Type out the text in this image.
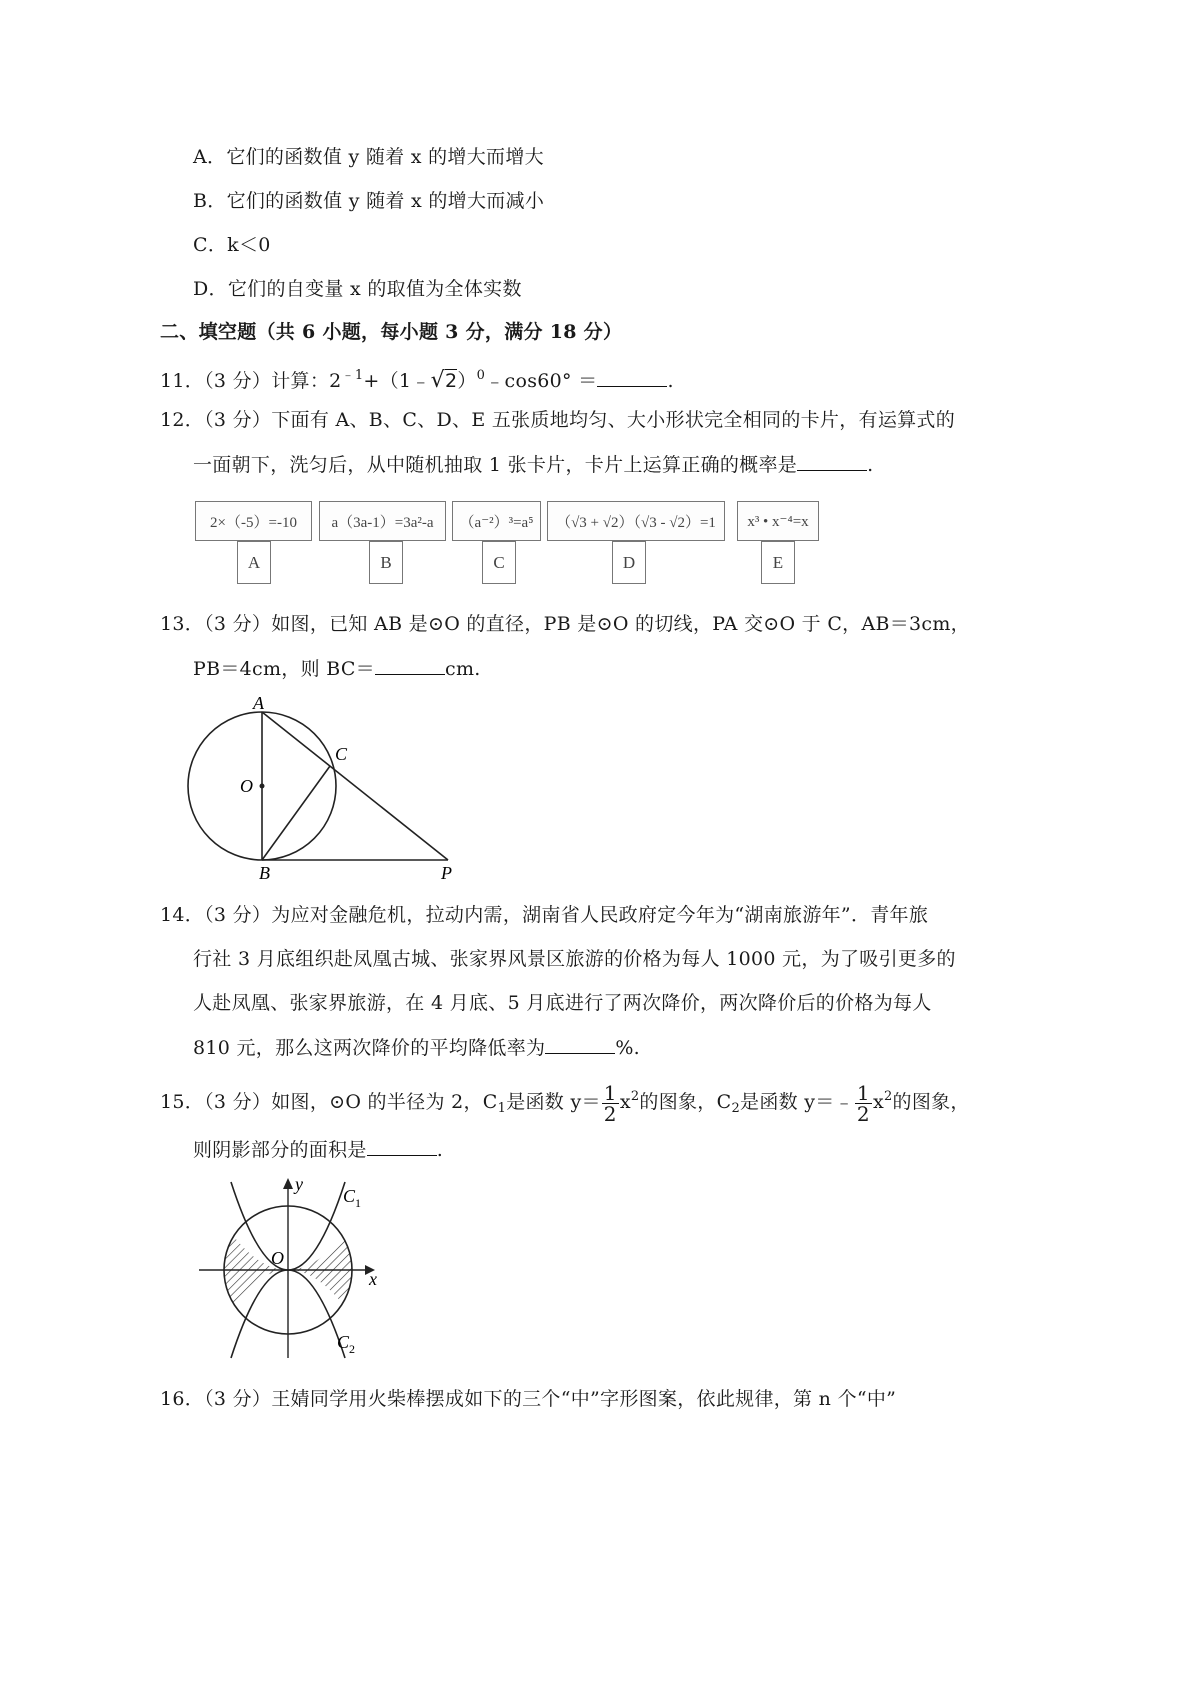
A．它们的函数值 y 随着 x 的增大而增大
B．它们的函数值 y 随着 x 的增大而减小
C．k＜0
D．它们的自变量 x 的取值为全体实数
二、填空题（共 6 小题，每小题 3 分，满分 18 分）
11．（3 分）计算：$2^{﹣1}+(1﹣√2)^0﹣\cos 60^\circ$ ＝	.
12．（3 分）下面有 A、B、C、D、E 五张质地均匀、大小形状完全相同的卡片，有运算式的
一面朝下，洗匀后，从中随机抽取 1 张卡片，卡片上运算正确的概率是	.
2×（-5）=-10
A
a（3a-1）=3a²-a
B
（a⁻²）³=a⁵
C
（√3 + √2）（√3 - √2）=1
D
x³ • x⁻⁴=x
E
13．（3 分）如图，已知 AB 是⊙O 的直径，PB 是⊙O 的切线，PA 交⊙O 于 C，AB＝3cm，
PB＝4cm，则 BC＝	cm.
A
B
C
O
P
14．（3 分）为应对金融危机，拉动内需，湖南省人民政府定今年为“湖南旅游年”．青年旅
行社 3 月底组织赴凤凰古城、张家界风景区旅游的价格为每人 1000 元，为了吸引更多的
人赴凤凰、张家界旅游，在 4 月底、5 月底进行了两次降价，两次降价后的价格为每人
810 元，那么这两次降价的平均降低率为	%.
15．（3 分）如图，⊙O 的半径为 2，$C_1$是函数 $y= \frac{1}{2} x^2$的图象，$C_2$是函数 y＝﹣ $\frac{1}{2} x^2$的图象，
则阴影部分的面积是	.
y
x
O
$C_1$
$C_2$
16．（3 分）王婧同学用火柴棒摆成如下的三个“中”字形图案，依此规律，第 n 个“中”
